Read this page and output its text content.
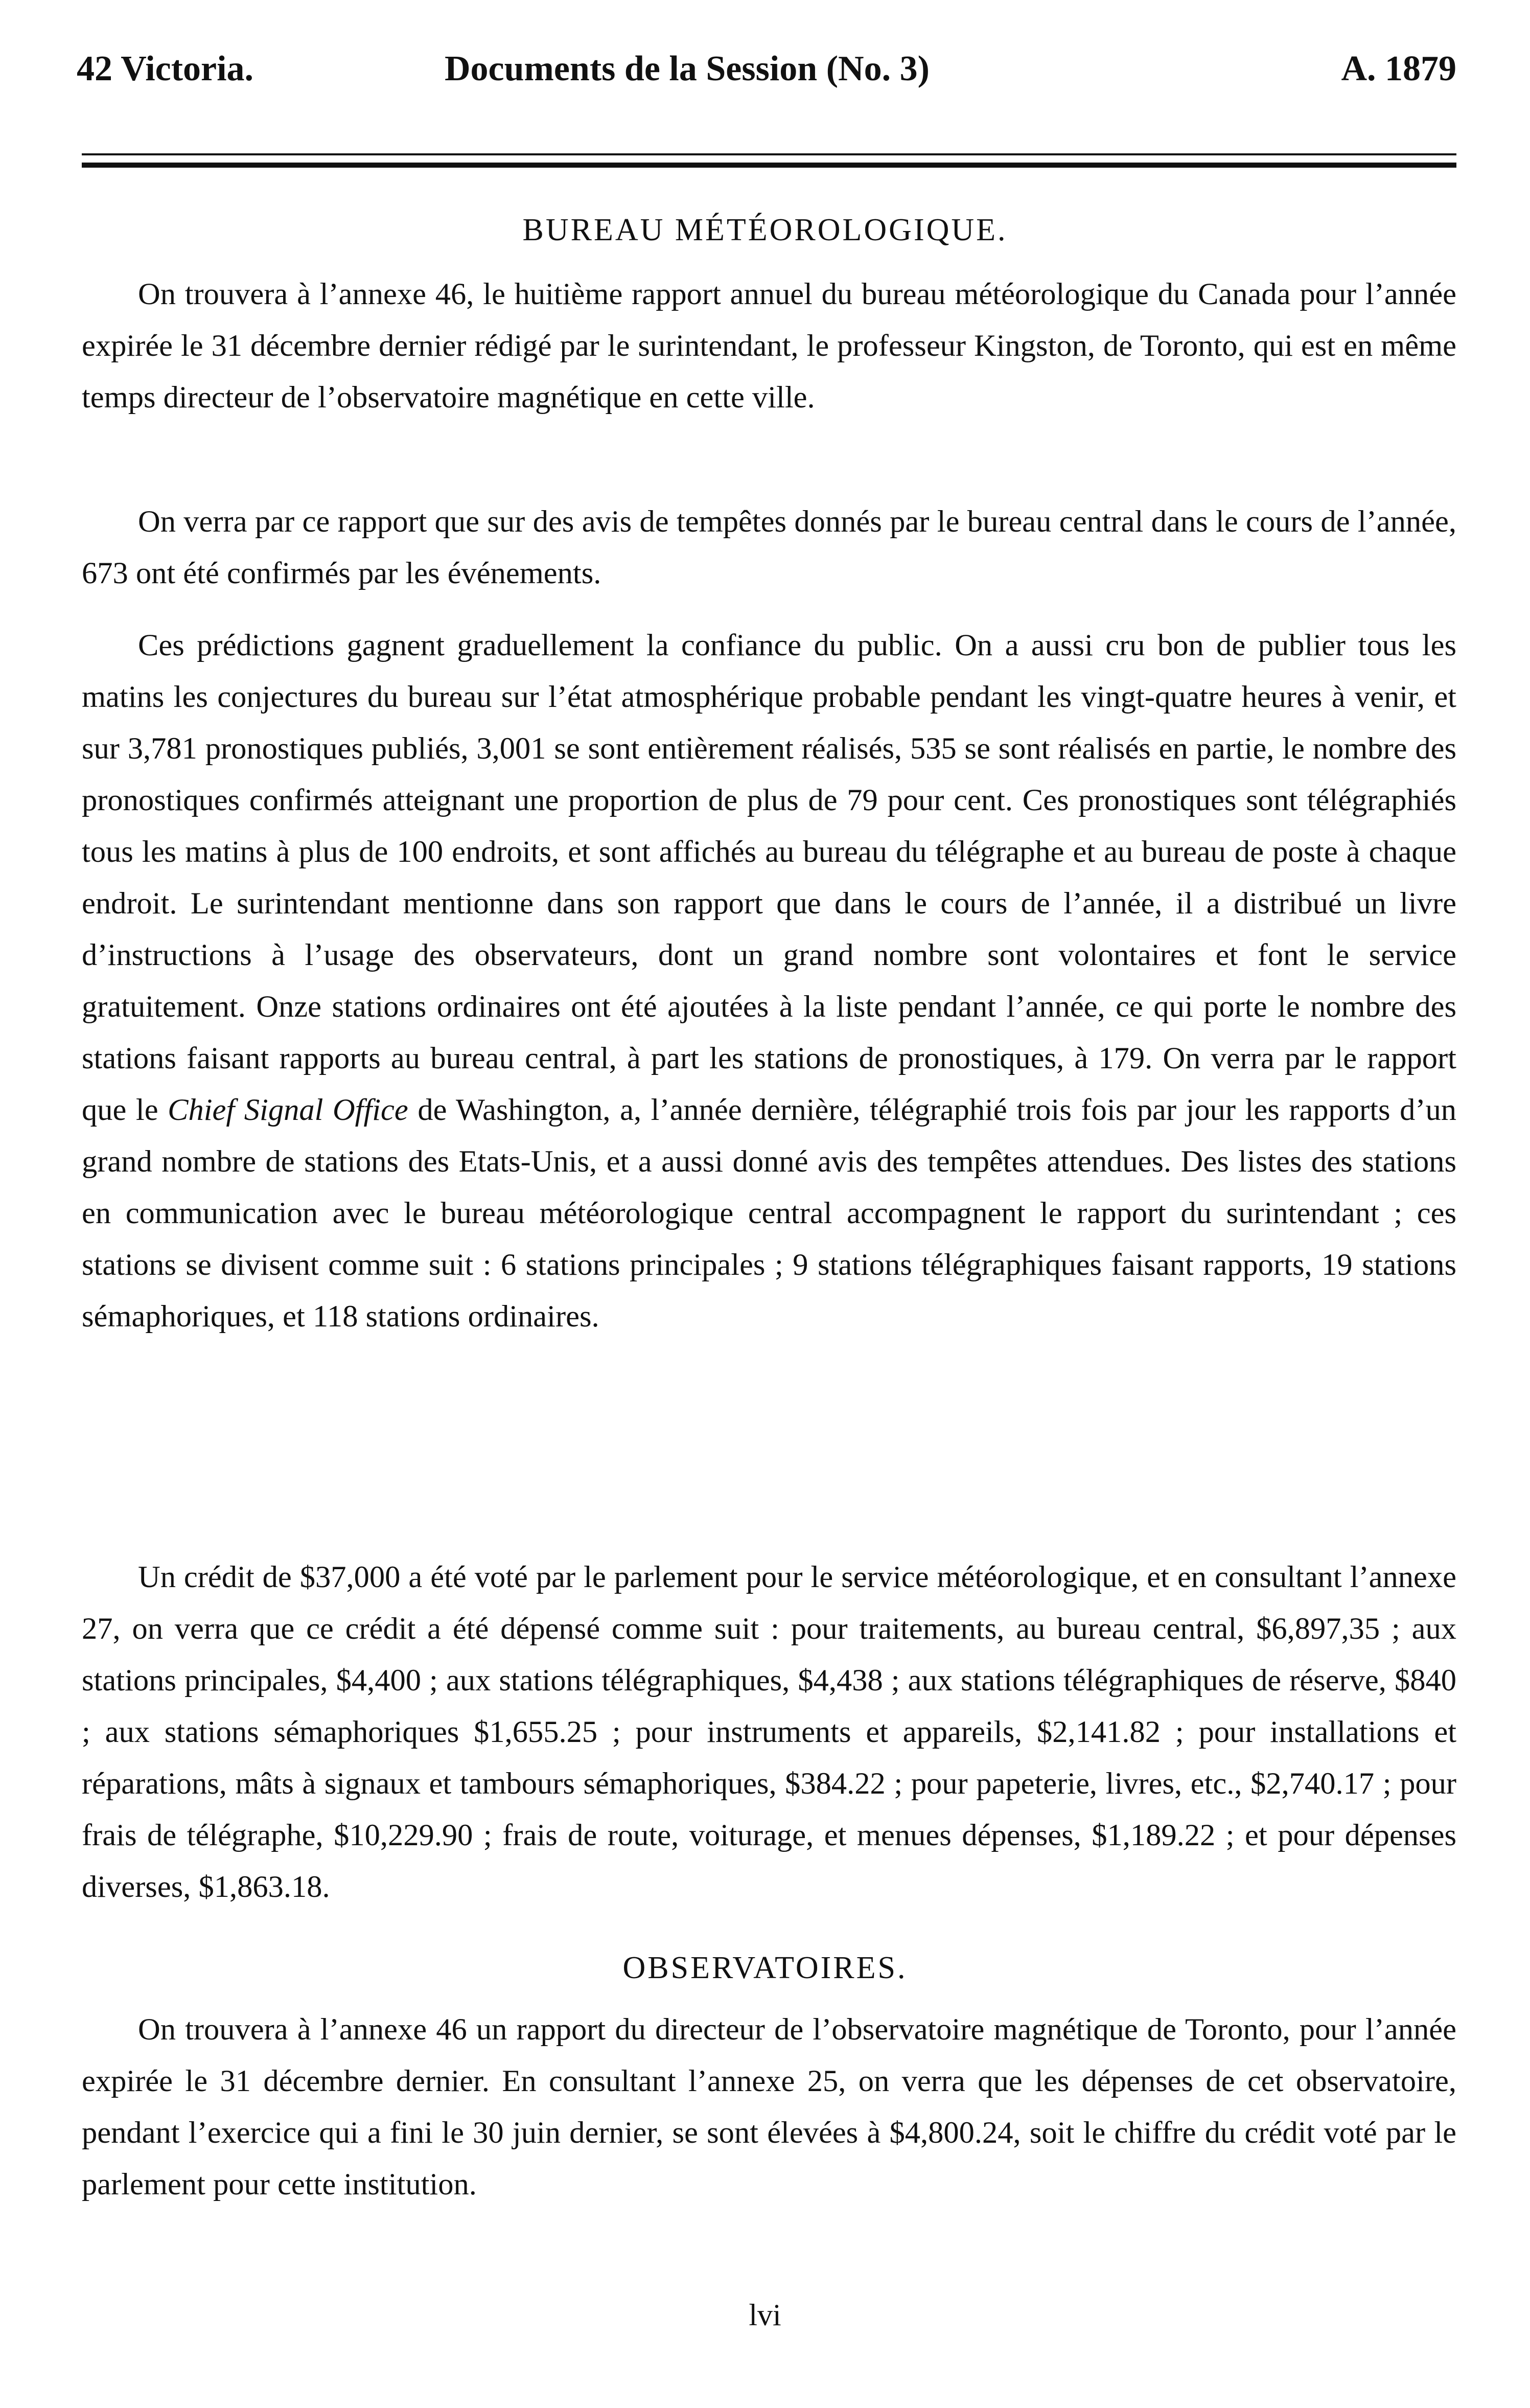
42 Victoria.	Documents de la Session (No. 3)	A. 1879
BUREAU MÉTÉOROLOGIQUE.

On trouvera à l’annexe 46, le huitième rapport annuel du bureau météorologique du Canada pour l’année expirée le 31 décembre dernier rédigé par le surintendant, le professeur Kingston, de Toronto, qui est en même temps directeur de l’observatoire magnétique en cette ville.

On verra par ce rapport que sur des avis de tempêtes donnés par le bureau central dans le cours de l’année, 673 ont été confirmés par les événements.

Ces prédictions gagnent graduellement la confiance du public. On a aussi cru bon de publier tous les matins les conjectures du bureau sur l’état atmosphérique probable pendant les vingt-quatre heures à venir, et sur 3,781 pronostiques publiés, 3,001 se sont entièrement réalisés, 535 se sont réalisés en partie, le nombre des pronostiques confirmés atteignant une proportion de plus de 79 pour cent. Ces pronostiques sont télégraphiés tous les matins à plus de 100 endroits, et sont affichés au bureau du télégraphe et au bureau de poste à chaque endroit. Le surintendant mentionne dans son rapport que dans le cours de l’année, il a distribué un livre d’instructions à l’usage des observateurs, dont un grand nombre sont volontaires et font le service gratuitement. Onze stations ordinaires ont été ajoutées à la liste pendant l’année, ce qui porte le nombre des stations faisant rapports au bureau central, à part les stations de pronostiques, à 179. On verra par le rapport que le Chief Signal Office de Washington, a, l’année dernière, télégraphié trois fois par jour les rapports d’un grand nombre de stations des Etats-Unis, et a aussi donné avis des tempêtes attendues. Des listes des stations en communication avec le bureau météorologique central accompagnent le rapport du surintendant ; ces stations se divisent comme suit : 6 stations principales ; 9 stations télégraphiques faisant rapports, 19 stations sémaphoriques, et 118 stations ordinaires.

Un crédit de $37,000 a été voté par le parlement pour le service météorologique, et en consultant l’annexe 27, on verra que ce crédit a été dépensé comme suit : pour traitements, au bureau central, $6,897,35 ; aux stations principales, $4,400 ; aux stations télégraphiques, $4,438 ; aux stations télégraphiques de réserve, $840 ; aux stations sémaphoriques $1,655.25 ; pour instruments et appareils, $2,141.82 ; pour installations et réparations, mâts à signaux et tambours sémaphoriques, $384.22 ; pour papeterie, livres, etc., $2,740.17 ; pour frais de télégraphe, $10,229.90 ; frais de route, voiturage, et menues dépenses, $1,189.22 ; et pour dépenses diverses, $1,863.18.

OBSERVATOIRES.

On trouvera à l’annexe 46 un rapport du directeur de l’observatoire magnétique de Toronto, pour l’année expirée le 31 décembre dernier. En consultant l’annexe 25, on verra que les dépenses de cet observatoire, pendant l’exercice qui a fini le 30 juin dernier, se sont élevées à $4,800.24, soit le chiffre du crédit voté par le parlement pour cette institution.

lvi
